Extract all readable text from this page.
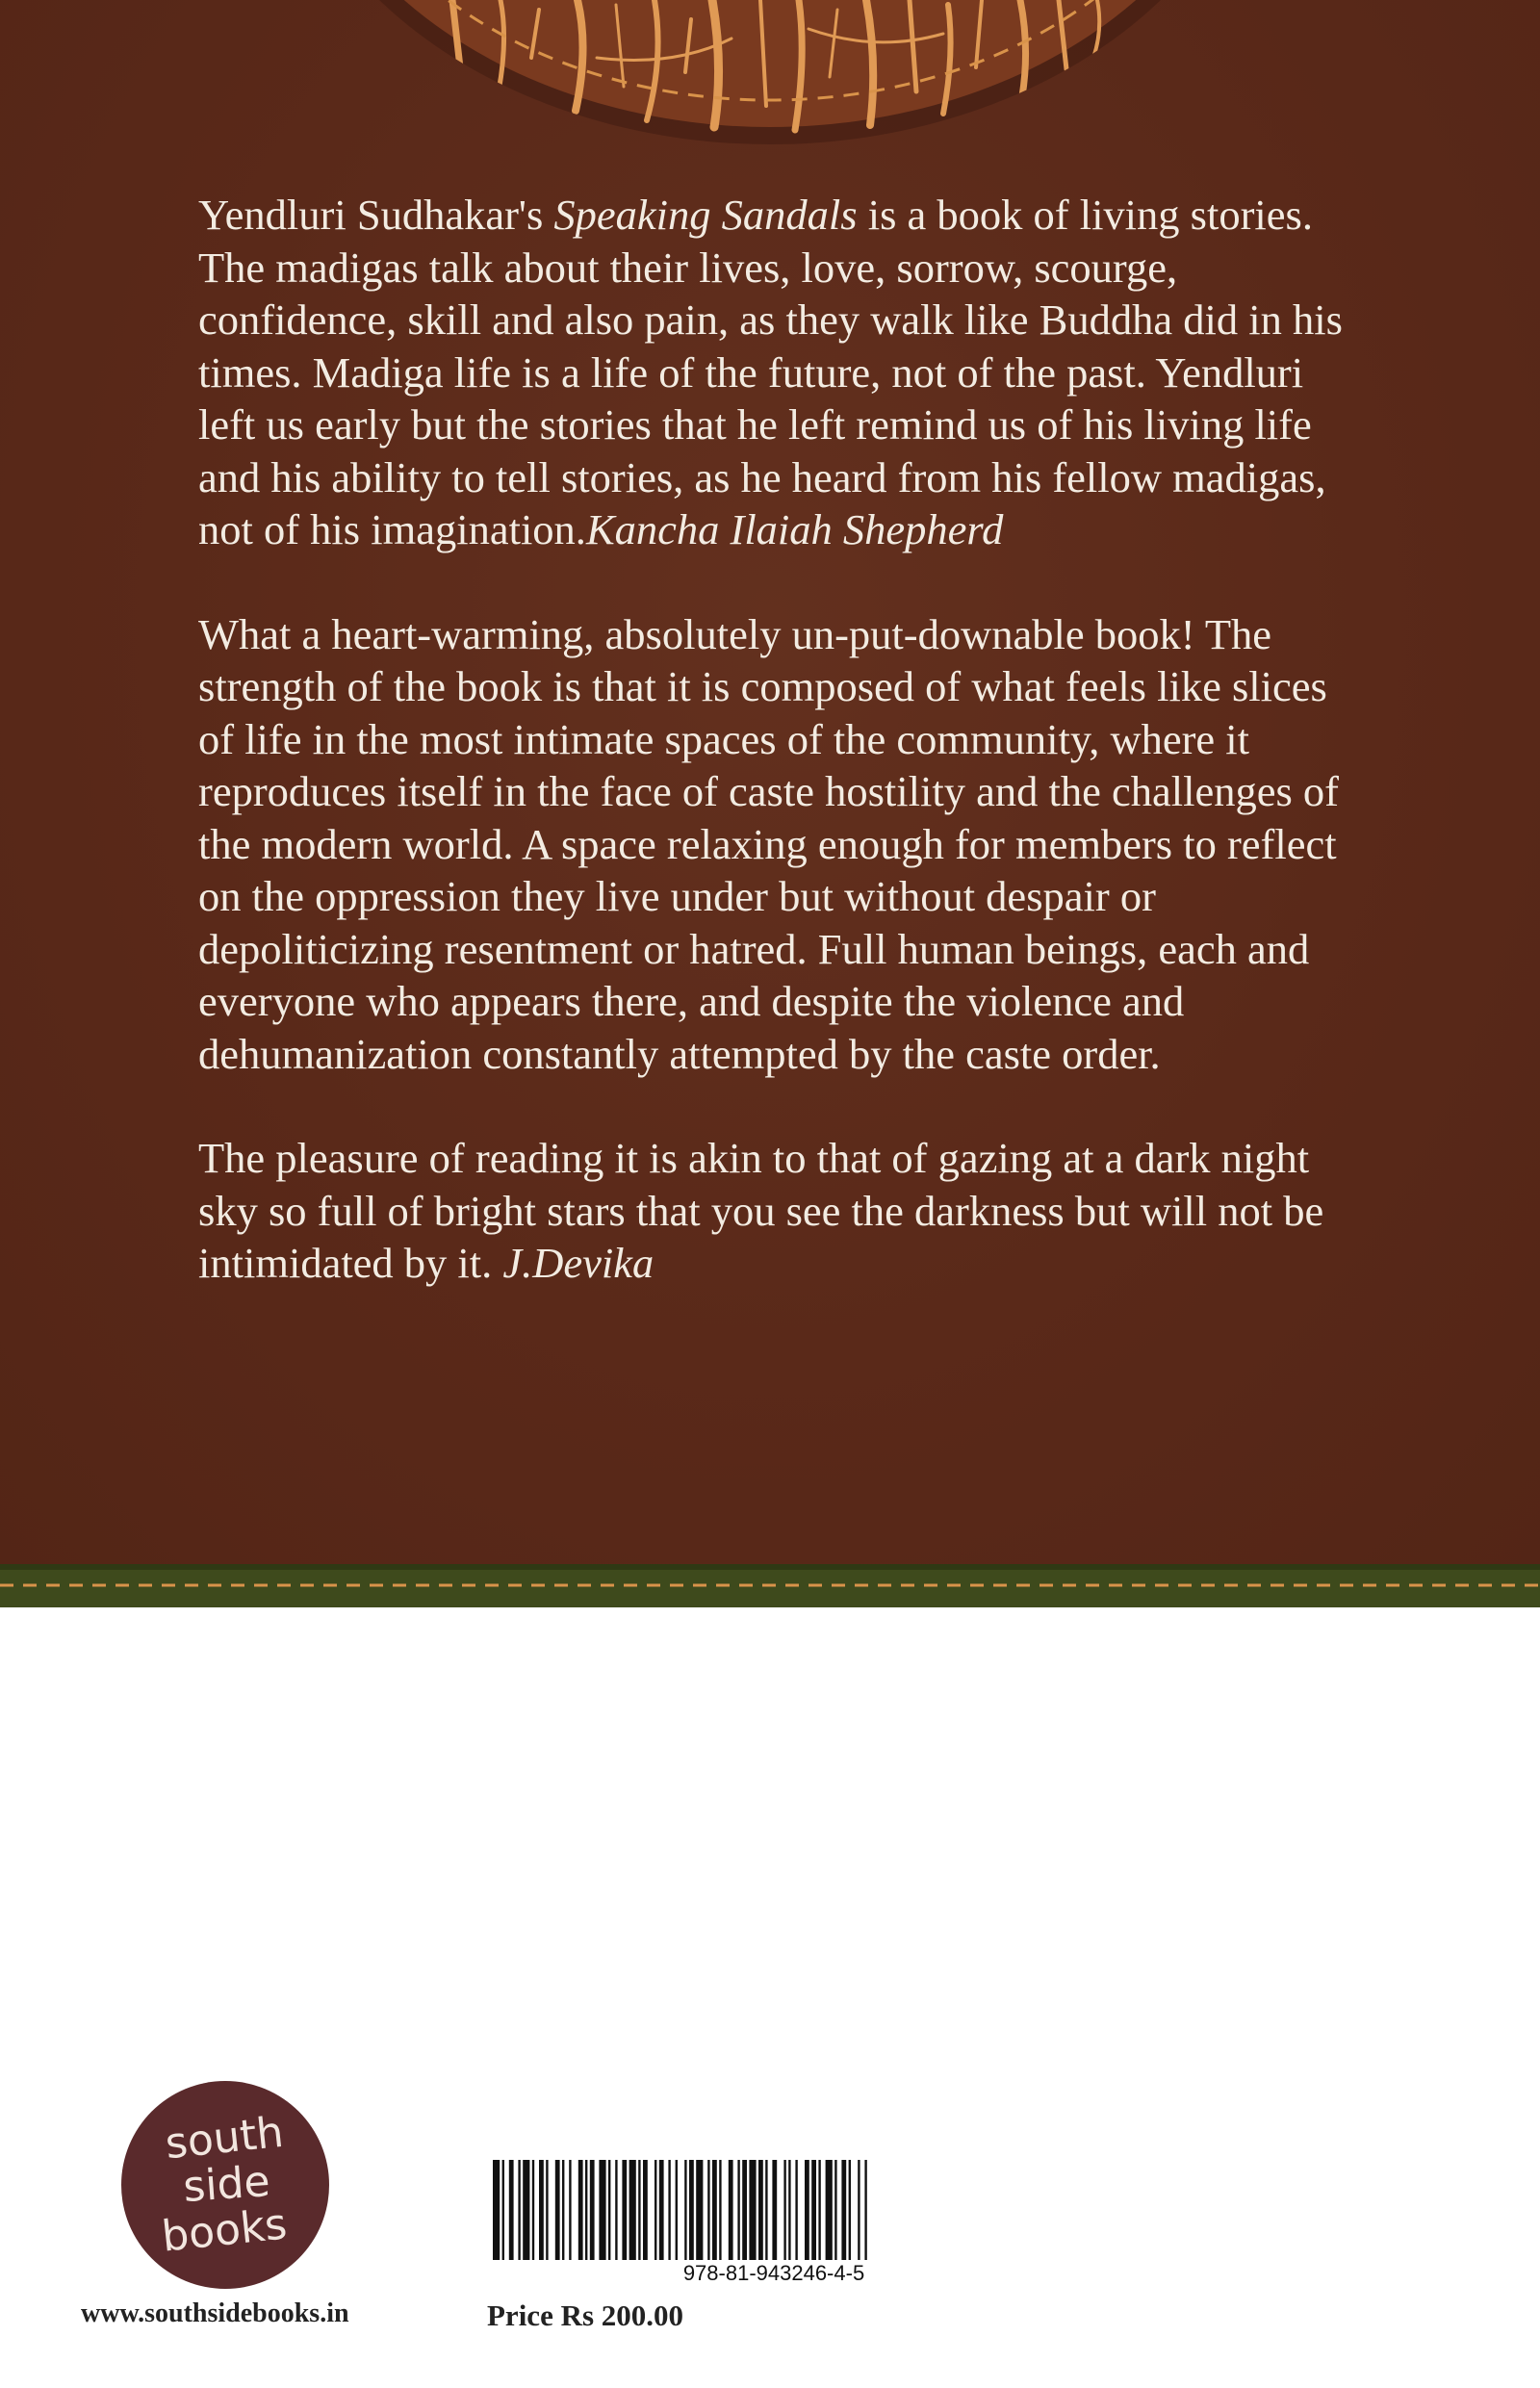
Yendluri Sudhakar's Speaking Sandals is a book of living stories. The madigas talk about their lives, love, sorrow, scourge, confidence, skill and also pain, as they walk like Buddha did in his times. Madiga life is a life of the future, not of the past. Yendluri left us early but the stories that he left remind us of his living life and his ability to tell stories, as he heard from his fellow madigas, not of his imagination.Kancha Ilaiah Shepherd

What a heart-warming, absolutely un-put-downable book! The strength of the book is that it is composed of what feels like slices of life in the most intimate spaces of the community, where it reproduces itself in the face of caste hostility and the challenges of the modern world. A space relaxing enough for members to reflect on the oppression they live under but without despair or depoliticizing resentment or hatred. Full human beings, each and everyone who appears there, and despite the violence and dehumanization constantly attempted by the caste order.

The pleasure of reading it is akin to that of gazing at a dark night sky so full of bright stars that you see the darkness but will not be intimidated by it. J.Devika

south
side
books
www.southsidebooks.in
978-81-943246-4-5
Price Rs 200.00
